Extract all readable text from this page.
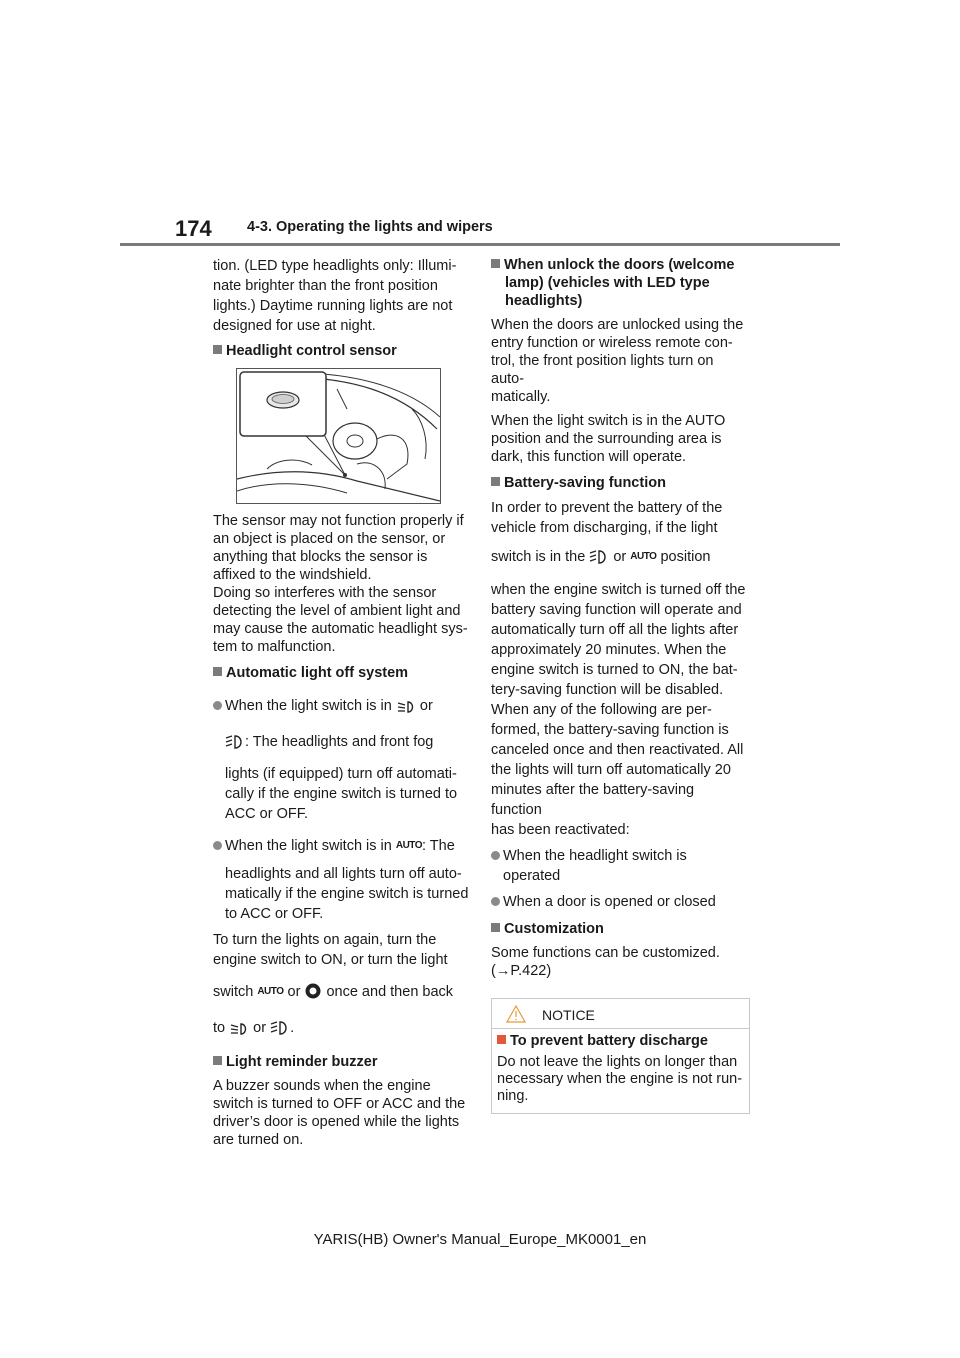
174 4-3. Operating the lights and wipers

tion. (LED type headlights only: Illumi-
nate brighter than the front position
lights.) Daytime running lights are not
designed for use at night.

Headlight control sensor

The sensor may not function properly if
an object is placed on the sensor, or
anything that blocks the sensor is
affixed to the windshield.
Doing so interferes with the sensor
detecting the level of ambient light and
may cause the automatic headlight sys-
tem to malfunction.

Automatic light off system
When the light switch is in  or
: The headlights and front fog
lights (if equipped) turn off automati-
cally if the engine switch is turned to
ACC or OFF.
When the light switch is in AUTO: The
headlights and all lights turn off auto-
matically if the engine switch is turned
to ACC or OFF.

To turn the lights on again, turn the
engine switch to ON, or turn the light

switch AUTO or  once and then back

to  or .

Light reminder buzzer

A buzzer sounds when the engine
switch is turned to OFF or ACC and the
driver’s door is opened while the lights
are turned on.

When unlock the doors (welcome lamp) (vehicles with LED type headlights)

When the doors are unlocked using the
entry function or wireless remote con-
trol, the front position lights turn on auto-
matically.

When the light switch is in the AUTO
position and the surrounding area is
dark, this function will operate.

Battery-saving function

In order to prevent the battery of the
vehicle from discharging, if the light

switch is in the  or AUTO position

when the engine switch is turned off the
battery saving function will operate and
automatically turn off all the lights after
approximately 20 minutes. When the
engine switch is turned to ON, the bat-
tery-saving function will be disabled.
When any of the following are per-
formed, the battery-saving function is
canceled once and then reactivated. All
the lights will turn off automatically 20
minutes after the battery-saving function
has been reactivated:

When the headlight switch is operated
When a door is opened or closed
Customization

Some functions can be customized.
(→P.422)

NOTICE
To prevent battery discharge
Do not leave the lights on longer than
necessary when the engine is not run-
ning.
YARIS(HB) Owner's Manual_Europe_MK0001_en
